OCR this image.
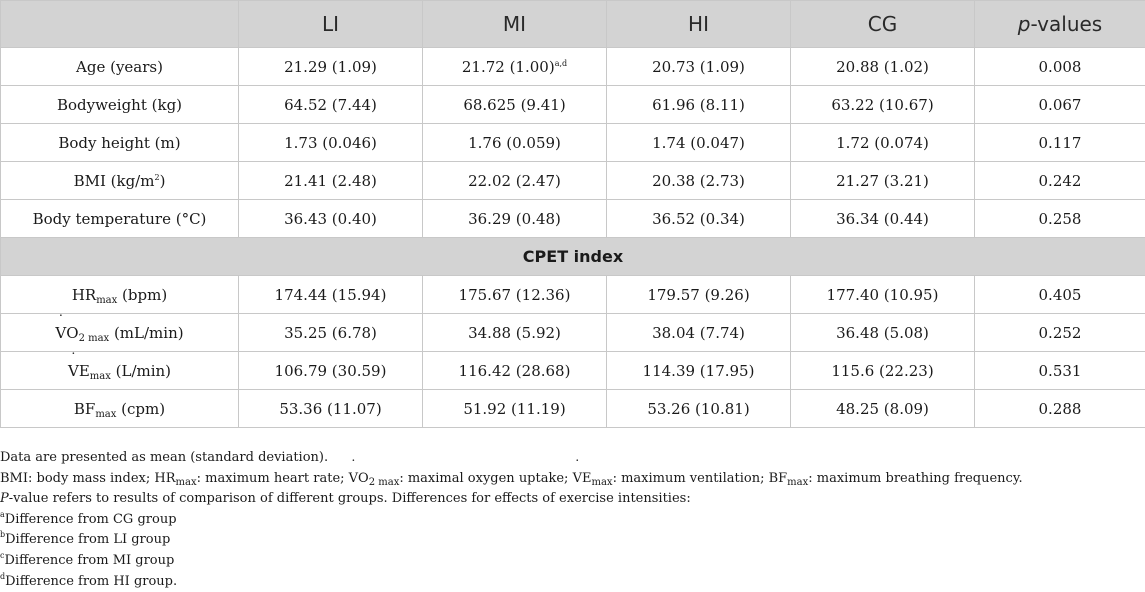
	LI	MI	HI	CG	p-values
Age (years)	21.29 (1.09)	21.72 $(1.00)^{a,d}$	20.73 (1.09)	20.88 (1.02)	0.008
Bodyweight (kg)	64.52 (7.44)	68.625 (9.41)	61.96 (8.11)	63.22 (10.67)	0.067
Body height (m)	1.73 (0.046)	1.76 (0.059)	1.74 (0.047)	1.72 (0.074)	0.117
BMI $(kg/m^2)$	21.41 (2.48)	22.02 (2.47)	20.38 (2.73)	21.27 (3.21)	0.242
Body temperature (°C)	36.43 (0.40)	36.29 (0.48)	36.52 (0.34)	36.34 (0.44)	0.258
CPET index					
$HR_{max}$ (bpm)	174.44 (15.94)	175.67 (12.36)	179.57 (9.26)	177.40 (10.95)	0.405
˙ $VO_{2 max}$ (mL/min)	35.25 (6.78)	34.88 (5.92)	38.04 (7.74)	36.48 (5.08)	0.252
˙ $VE_{max}$ (L/min)	106.79 (30.59)	116.42 (28.68)	114.39 (17.95)	115.6 (22.23)	0.531
$BF_{max}$ (cpm)	53.36 (11.07)	51.92 (11.19)	53.26 (10.81)	48.25 (8.09)	0.288
Data are presented as mean (standard deviation).
BMI: body mass index; $HR_{max}$: maximum heart rate; ˙ $VO_{2 max}$: maximal oxygen uptake; ˙ $VE_{max}$: maximum ventilation; $BF_{max}$: maximum breathing frequency.
P-value refers to results of comparison of different groups. Differences for effects of exercise intensities:
$^a$Difference from CG group
$^b$Difference from LI group
$^c$Difference from MI group
$^d$Difference from HI group.
